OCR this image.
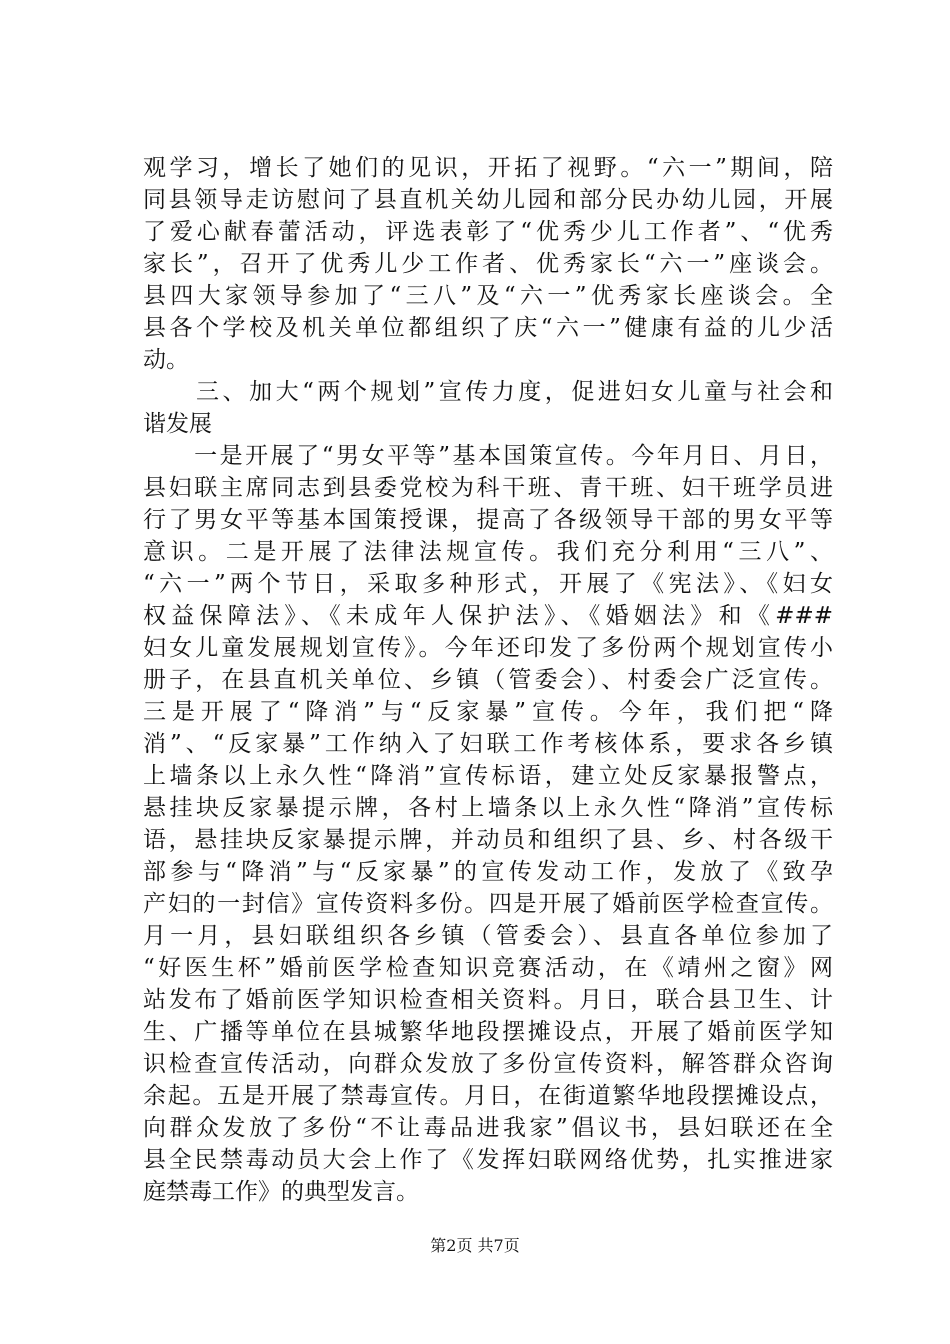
观学习，增长了她们的见识，开拓了视野。“六一”期间，陪
同县领导走访慰问了县直机关幼儿园和部分民办幼儿园，开展
了爱心献春蕾活动，评选表彰了“优秀少儿工作者”、“优秀
家长”，召开了优秀儿少工作者、优秀家长“六一”座谈会。
县四大家领导参加了“三八”及“六一”优秀家长座谈会。全
县各个学校及机关单位都组织了庆“六一”健康有益的儿少活
动。
　　三、加大“两个规划”宣传力度，促进妇女儿童与社会和
谐发展
　　一是开展了“男女平等”基本国策宣传。今年月日、月日，
县妇联主席同志到县委党校为科干班、青干班、妇干班学员进
行了男女平等基本国策授课，提高了各级领导干部的男女平等
意识。二是开展了法律法规宣传。我们充分利用“三八”、
“六一”两个节日，采取多种形式，开展了《宪法》、《妇女
权益保障法》、《未成年人保护法》、《婚姻法》和《###
妇女儿童发展规划宣传》。今年还印发了多份两个规划宣传小
册子，在县直机关单位、乡镇（管委会）、村委会广泛宣传。
三是开展了“降消”与“反家暴”宣传。今年，我们把“降
消”、“反家暴”工作纳入了妇联工作考核体系，要求各乡镇
上墙条以上永久性“降消”宣传标语，建立处反家暴报警点，
悬挂块反家暴提示牌，各村上墙条以上永久性“降消”宣传标
语，悬挂块反家暴提示牌，并动员和组织了县、乡、村各级干
部参与“降消”与“反家暴”的宣传发动工作，发放了《致孕
产妇的一封信》宣传资料多份。四是开展了婚前医学检查宣传。
月一月，县妇联组织各乡镇（管委会）、县直各单位参加了
“好医生杯”婚前医学检查知识竞赛活动，在《靖州之窗》网
站发布了婚前医学知识检查相关资料。月日，联合县卫生、计
生、广播等单位在县城繁华地段摆摊设点，开展了婚前医学知
识检查宣传活动，向群众发放了多份宣传资料，解答群众咨询
余起。五是开展了禁毒宣传。月日，在街道繁华地段摆摊设点，
向群众发放了多份“不让毒品进我家”倡议书，县妇联还在全
县全民禁毒动员大会上作了《发挥妇联网络优势，扎实推进家
庭禁毒工作》的典型发言。
第2页 共7页
